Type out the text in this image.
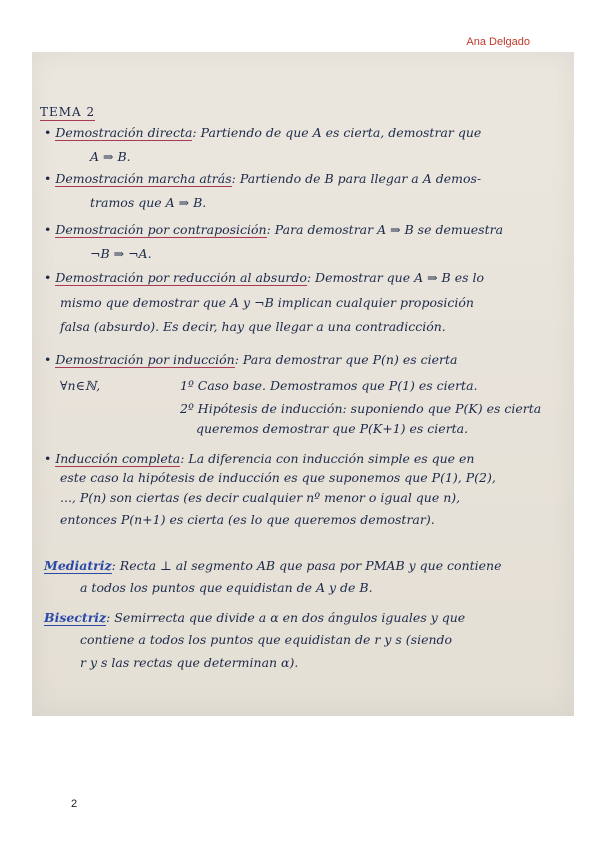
Ana Delgado

TEMA 2

• Demostración directa: Partiendo de que A es cierta, demostrar que

A ⇒ B.

• Demostración marcha atrás: Partiendo de B para llegar a A demos-

tramos que A ⇒ B.

• Demostración por contraposición: Para demostrar A ⇒ B se demuestra

¬B ⇒ ¬A.

• Demostración por reducción al absurdo: Demostrar que A ⇒ B es lo

mismo que demostrar que A y ¬B implican cualquier proposición

falsa (absurdo). Es decir, hay que llegar a una contradicción.

• Demostración por inducción: Para demostrar que P(n) es cierta

∀n∈ℕ,	1º Caso base. Demostramos que P(1) es cierta.

2º Hipótesis de inducción: suponiendo que P(K) es cierta

queremos demostrar que P(K+1) es cierta.

• Inducción completa: La diferencia con inducción simple es que en

este caso la hipótesis de inducción es que suponemos que P(1), P(2),

..., P(n) son ciertas (es decir cualquier nº menor o igual que n),

entonces P(n+1) es cierta (es lo que queremos demostrar).

Mediatriz: Recta ⊥ al segmento AB que pasa por PMAB y que contiene

a todos los puntos que equidistan de A y de B.

Bisectriz: Semirrecta que divide a α en dos ángulos iguales y que

contiene a todos los puntos que equidistan de r y s (siendo

r y s las rectas que determinan α).

2
